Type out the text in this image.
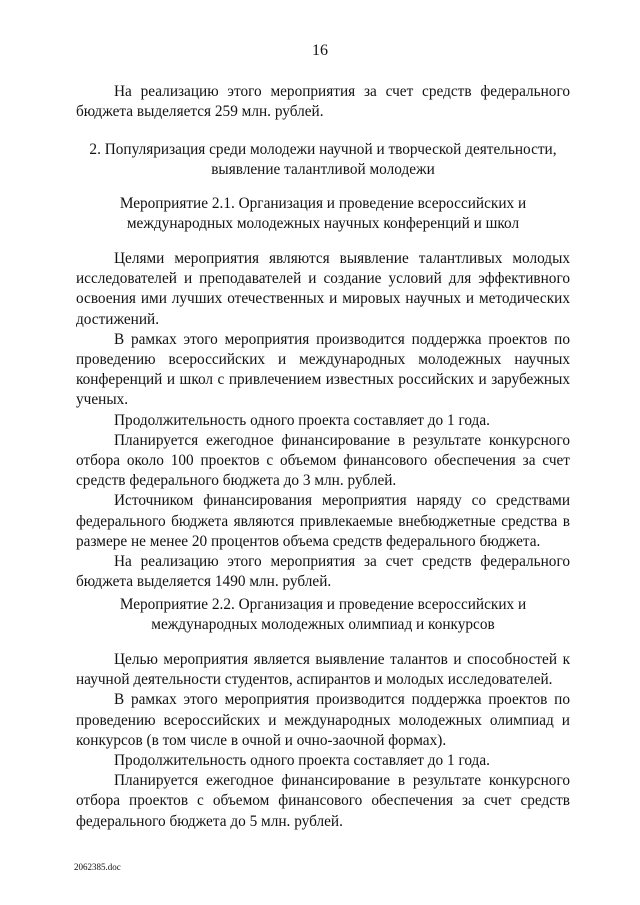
16

На реализацию этого мероприятия за счет средств федерального бюджета выделяется 259 млн. рублей.

2. Популяризация среди молодежи научной и творческой деятельности,
выявление талантливой молодежи
Мероприятие 2.1. Организация и проведение всероссийских и
международных молодежных научных конференций и школ

Целями мероприятия являются выявление талантливых молодых исследователей и преподавателей и создание условий для эффективного освоения ими лучших отечественных и мировых научных и методических достижений.

В рамках этого мероприятия производится поддержка проектов по проведению всероссийских и международных молодежных научных конференций и школ с привлечением известных российских и зарубежных ученых.

Продолжительность одного проекта составляет до 1 года.

Планируется ежегодное финансирование в результате конкурсного отбора около 100 проектов с объемом финансового обеспечения за счет средств федерального бюджета до 3 млн. рублей.

Источником финансирования мероприятия наряду со средствами федерального бюджета являются привлекаемые внебюджетные средства в размере не менее 20 процентов объема средств федерального бюджета.

На реализацию этого мероприятия за счет средств федерального бюджета выделяется 1490 млн. рублей.

Мероприятие 2.2. Организация и проведение всероссийских и
международных молодежных олимпиад и конкурсов

Целью мероприятия является выявление талантов и способностей к научной деятельности студентов, аспирантов и молодых исследователей.

В рамках этого мероприятия производится поддержка проектов по проведению всероссийских и международных молодежных олимпиад и конкурсов (в том числе в очной и очно-заочной формах).

Продолжительность одного проекта составляет до 1 года.

Планируется ежегодное финансирование в результате конкурсного отбора проектов с объемом финансового обеспечения за счет средств федерального бюджета до 5 млн. рублей.

2062385.doc
